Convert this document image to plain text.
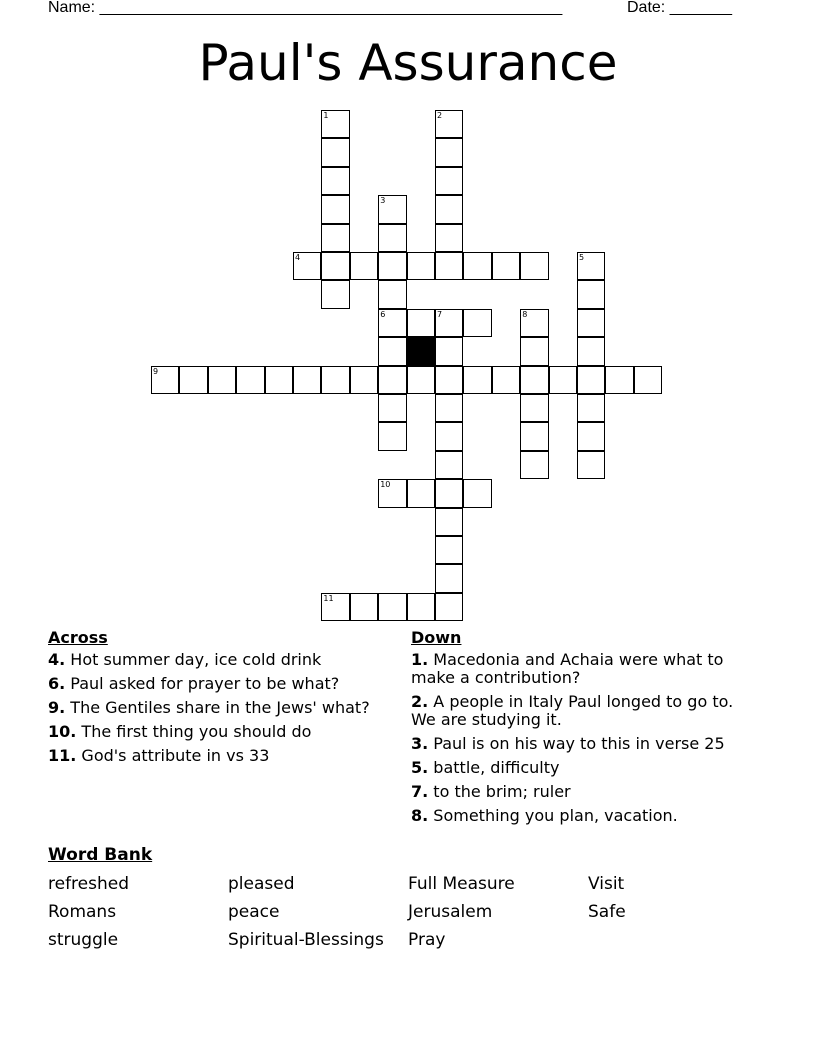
Name: ____________________________________________________	Date: _______
Paul's Assurance
1	2
3
4	5
6	7	8
9
10
11
Across
4. Hot summer day, ice cold drink
6. Paul asked for prayer to be what?
9. The Gentiles share in the Jews' what?
10. The first thing you should do
11. God's attribute in vs 33
Down
1. Macedonia and Achaia were what to make a contribution?
2. A people in Italy Paul longed to go to. We are studying it.
3. Paul is on his way to this in verse 25
5. battle, difficulty
7. to the brim; ruler
8. Something you plan, vacation.
Word Bank
refreshed	pleased	Full Measure	Visit
Romans	peace	Jerusalem	Safe
struggle	Spiritual-Blessings	Pray
